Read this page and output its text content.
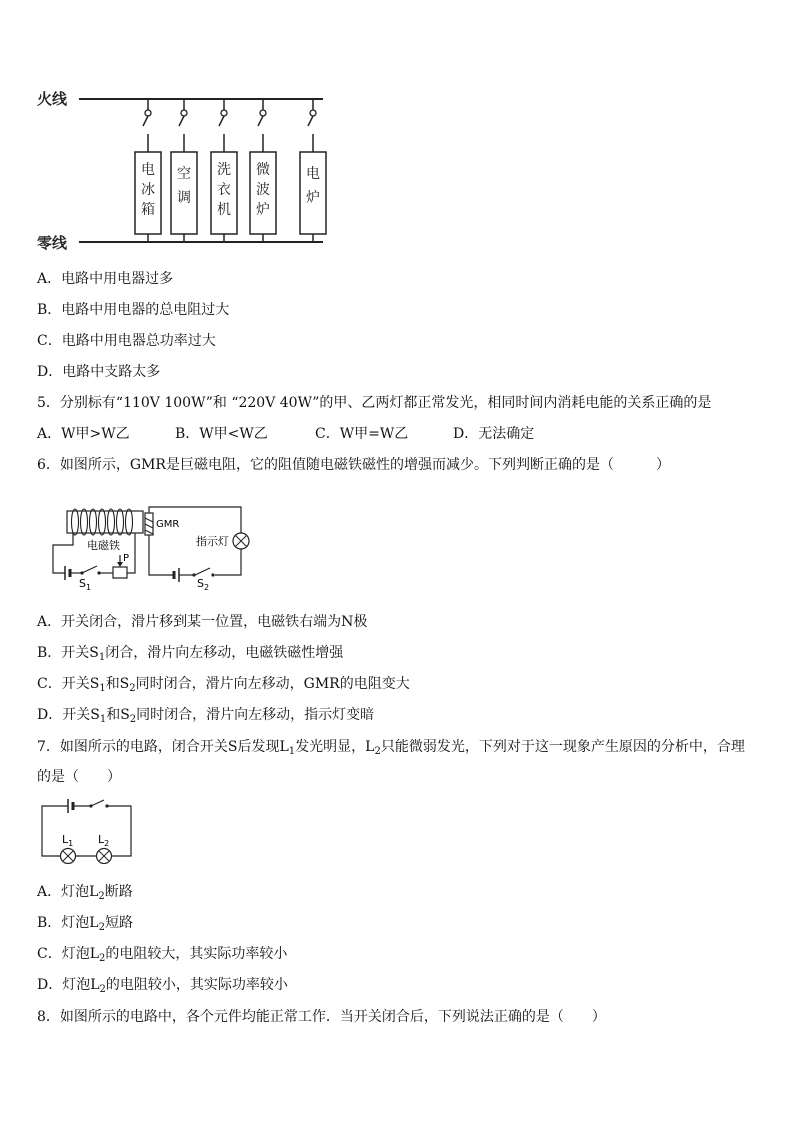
火线
零线
电冰箱
空调
洗衣机
微波炉
电炉
A．电路中用电器过多
B．电路中用电器的总电阻过大
C．电路中用电器总功率过大
D．电路中支路太多
5．分别标有“110V 100W”和 “220V 40W”的甲、乙两灯都正常发光，相同时间内消耗电能的关系正确的是
A．W甲>W乙	B．W甲<W乙	C．W甲=W乙	D．无法确定
6．如图所示，GMR是巨磁电阻，它的阻值随电磁铁磁性的增强而减少。下列判断正确的是（　　　）
P
电磁铁
$S_1$
GMR
指示灯
$S_2$
A．开关闭合，滑片移到某一位置，电磁铁右端为N极
B．开关$S_1$闭合，滑片向左移动，电磁铁磁性增强
C．开关$S_1$和$S_2$同时闭合，滑片向左移动，GMR的电阻变大
D．开关$S_1$和$S_2$同时闭合，滑片向左移动，指示灯变暗
7．如图所示的电路，闭合开关S后发现$L_1$发光明显，$L_2$只能微弱发光，下列对于这一现象产生原因的分析中，合理
的是（　　）
$L_1$ $L_2$
A．灯泡$L_2$断路
B．灯泡$L_2$短路
C．灯泡$L_2$的电阻较大，其实际功率较小
D．灯泡$L_2$的电阻较小，其实际功率较小
8．如图所示的电路中，各个元件均能正常工作．当开关闭合后，下列说法正确的是（　　）
